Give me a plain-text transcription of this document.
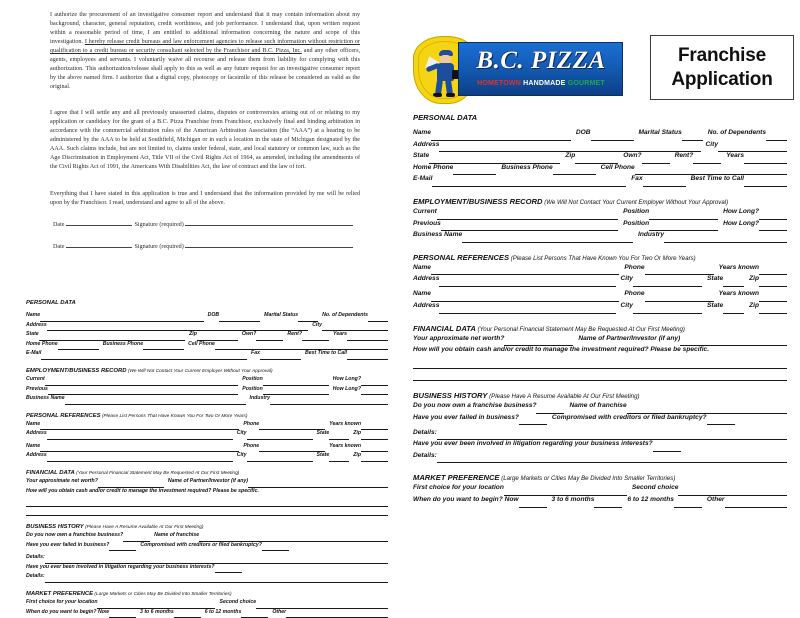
I authorize the procurement of an investigative consumer report and understand that it may contain information about my background, character, general reputation, credit worthiness, and job performance. I understand that, upon written request within a reasonable period of time, I am entitled to additional information concerning the nature and scope of this investigation. I hereby release credit bureaus and law enforcement agencies to release such information without restriction or qualification to a credit bureau or security consultant selected by the Franchisor and B.C. Pizza, Inc. and any other officers, agents, employees and servants. I voluntarily waive all recourse and release them from liability for complying with this authorization. This authorization/release shall apply to this as well as any future request for an investigative consumer report by the above named firm. I authorize that a digital copy, photocopy or facsimile of this release be considered as valid as the original.
I agree that I will settle any and all previously unasserted claims, disputes or controversies arising out of or relating to my application or candidacy for the grant of a B.C. Pizza Franchise from Franchisor, exclusively final and binding arbitration in accordance with the commercial arbitration rules of the American Arbitration Association (the “AAA”) at a hearing to be administered by the AAA to be held at Southfield, Michigan or in such a location in the state of Michigan designated by the AAA. Such claims include, but are not limited to, claims under federal, state, and local statutory or common law, such as the Age Discrimination in Employment Act, Title VII of the Civil Rights Act of 1964, as amended, including the amendments of the Civil Rights Act of 1991, the Americans With Disabilities Act, the law of contract and the law of tort.
Everything that I have stated in this application is true and I understand that the information provided by me will be relied upon by the Franchisor. I read, understand and agree to all of the above.
Date	Signature (required)
Date	Signature (required)
PERSONAL DATA
Name	DOB	Marital Status	No. of Dependents
Address	City
State	Zip	Own?	Rent?	Years
Home Phone	Business Phone	Cell Phone
E-Mail	Fax	Best Time to Call
EMPLOYMENT/BUSINESS RECORD (We Will Not Contact Your Current Employer Without Your Approval)
Current	Position	How Long?
Previous	Position	How Long?
Business Name	Industry
PERSONAL REFERENCES (Please List Persons That Have Known You For Two Or More Years)
Name	Phone	Years known
Address	City	State	Zip
Name	Phone	Years known
Address	City	State	Zip
FINANCIAL DATA (Your Personal Financial Statement May Be Requested At Our First Meeting)
Your approximate net worth?	Name of Partner/Investor (if any)
How will you obtain cash and/or credit to manage the investment required? Please be specific.
BUSINESS HISTORY (Please Have A Resume Available At Our First Meeting)
Do you now own a franchise business?	Name of franchise
Have you ever failed in business?	Compromised with creditors or filed bankruptcy?
Details:
Have you ever been involved in litigation regarding your business interests?
Details:
MARKET PREFERENCE (Large Markets or Cities May Be Divided Into Smaller Territories)
First choice for your location	Second choice
When do you want to begin? Now	3 to 6 months	6 to 12 months	Other
B.C. PIZZA
HOMETOWN HANDMADE GOURMET
Franchise
Application
PERSONAL DATA
Name	DOB	Marital Status	No. of Dependents
Address	City
State	Zip	Own?	Rent?	Years
Home Phone	Business Phone	Cell Phone
E-Mail	Fax	Best Time to Call
EMPLOYMENT/BUSINESS RECORD (We Will Not Contact Your Current Employer Without Your Approval)
Current	Position	How Long?
Previous	Position	How Long?
Business Name	Industry
PERSONAL REFERENCES (Please List Persons That Have Known You For Two Or More Years)
Name	Phone	Years known
Address	City	State	Zip
Name	Phone	Years known
Address	City	State	Zip
FINANCIAL DATA (Your Personal Financial Statement May Be Requested At Our First Meeting)
Your approximate net worth?	Name of Partner/Investor (if any)
How will you obtain cash and/or credit to manage the investment required? Please be specific.
BUSINESS HISTORY (Please Have A Resume Available At Our First Meeting)
Do you now own a franchise business?	Name of franchise
Have you ever failed in business?	Compromised with creditors or filed bankruptcy?
Details:
Have you ever been involved in litigation regarding your business interests?
Details:
MARKET PREFERENCE (Large Markets or Cities May Be Divided Into Smaller Territories)
First choice for your location	Second choice
When do you want to begin? Now	3 to 6 months	6 to 12 months	Other
